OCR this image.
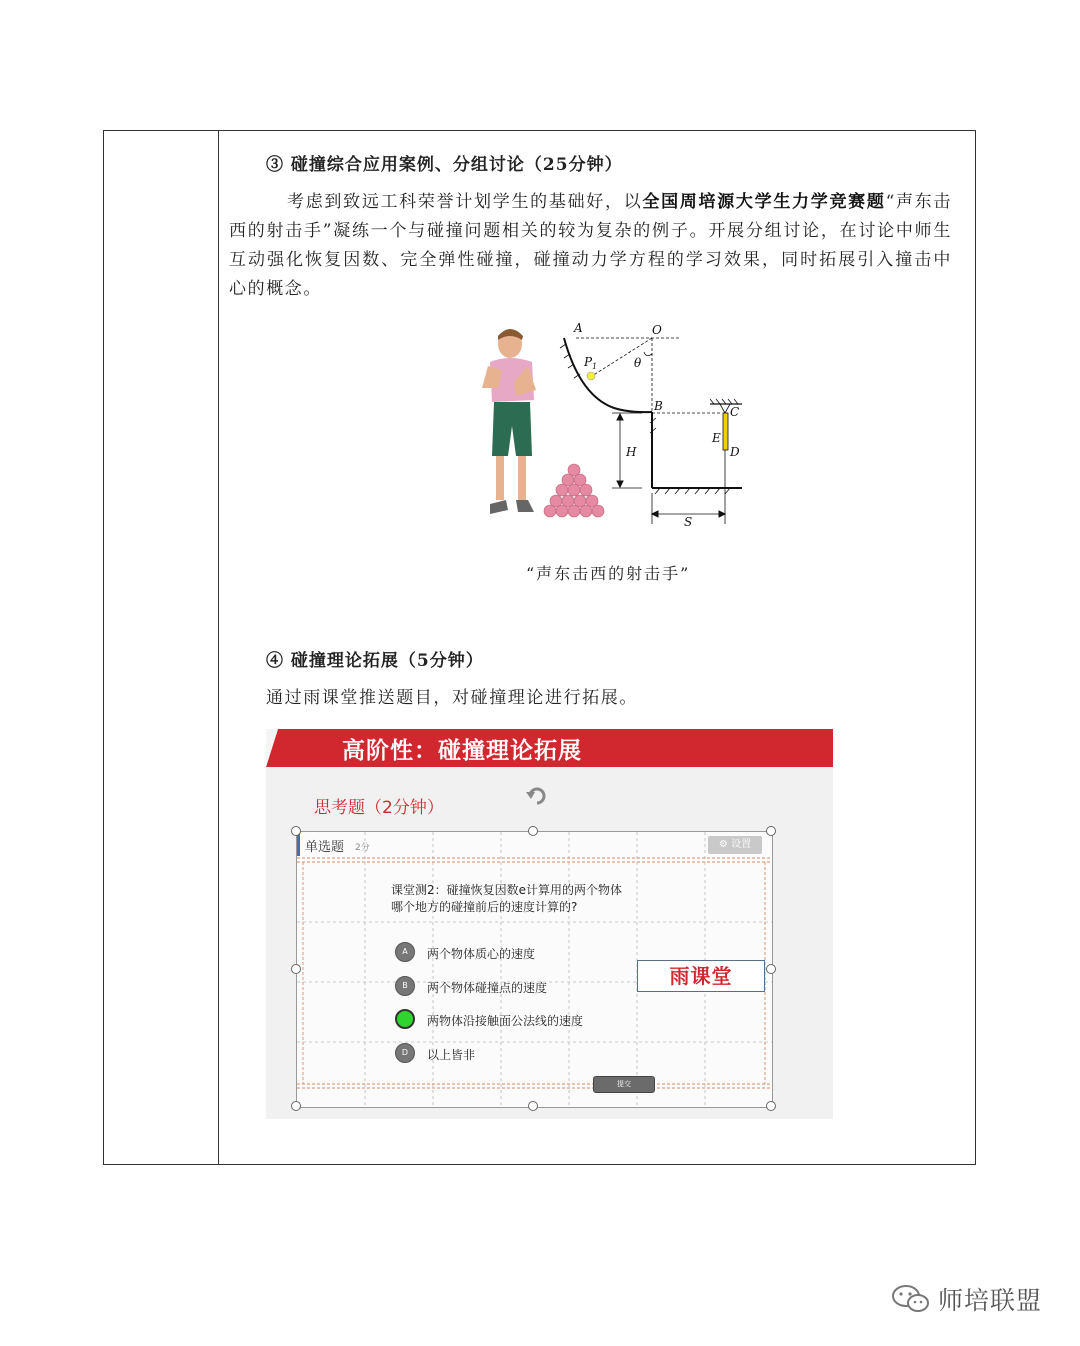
③ 碰撞综合应用案例、分组讨论（25分钟）
考虑到致远工科荣誉计划学生的基础好，以全国周培源大学生力学竞赛题“声东击西的射击手”凝练一个与碰撞问题相关的较为复杂的例子。开展分组讨论，在讨论中师生互动强化恢复因数、完全弹性碰撞，碰撞动力学方程的学习效果，同时拓展引入撞击中心的概念。
A	O
P 1	θ
B	C
E
D
H
S
“声东击西的射击手”
④ 碰撞理论拓展（5分钟）
通过雨课堂推送题目，对碰撞理论进行拓展。
高阶性：碰撞理论拓展
思考题（2分钟）
单选题 2分	⚙ 设置
课堂测2：碰撞恢复因数e计算用的两个物体
哪个地方的碰撞前后的速度计算的?
A	两个物体质心的速度
B	两个物体碰撞点的速度
两物体沿接触面公法线的速度
D	以上皆非
雨课堂
提交
师培联盟
